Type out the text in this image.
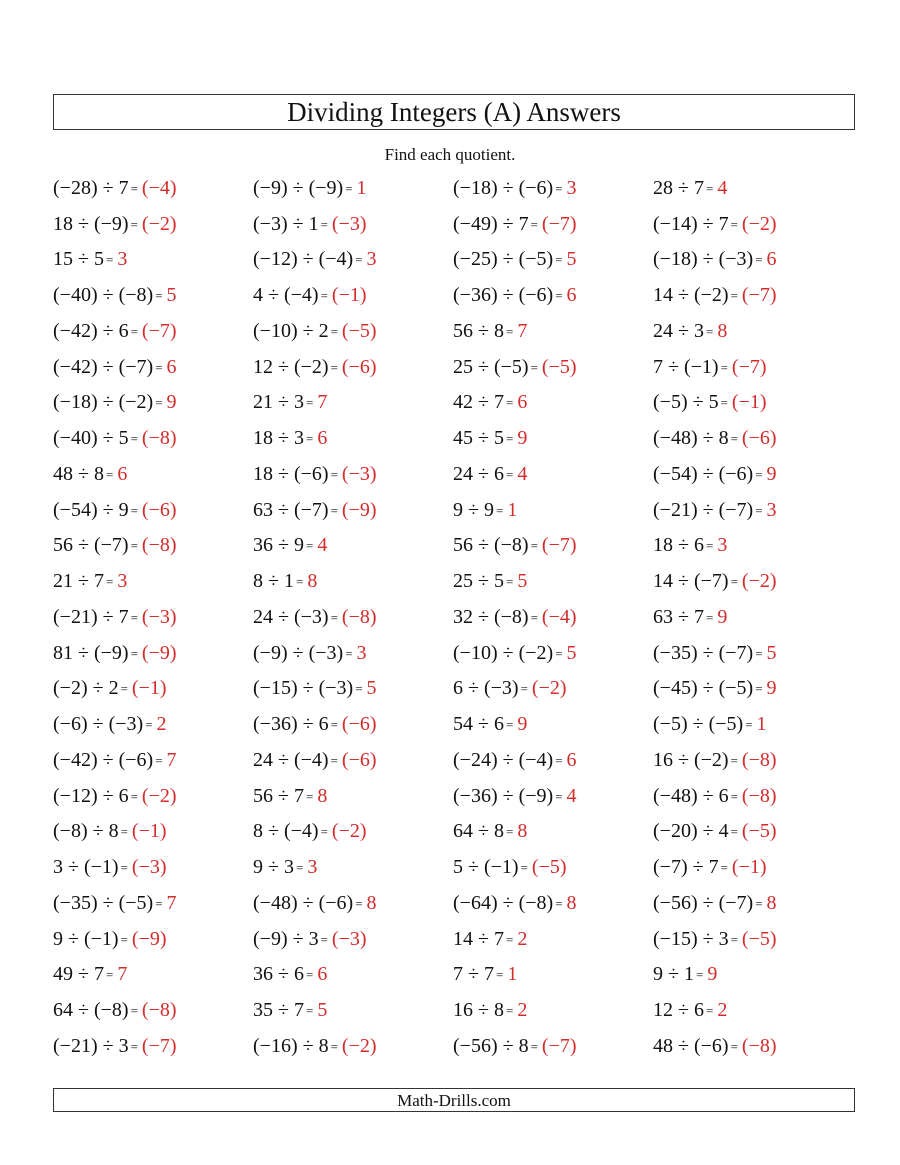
Dividing Integers (A) Answers
Find each quotient.
(−28) ÷ 7 = (−4)	(−9) ÷ (−9) = 1	(−18) ÷ (−6) = 3	28 ÷ 7 = 4
18 ÷ (−9) = (−2)	(−3) ÷ 1 = (−3)	(−49) ÷ 7 = (−7)	(−14) ÷ 7 = (−2)
15 ÷ 5 = 3	(−12) ÷ (−4) = 3	(−25) ÷ (−5) = 5	(−18) ÷ (−3) = 6
(−40) ÷ (−8) = 5	4 ÷ (−4) = (−1)	(−36) ÷ (−6) = 6	14 ÷ (−2) = (−7)
(−42) ÷ 6 = (−7)	(−10) ÷ 2 = (−5)	56 ÷ 8 = 7	24 ÷ 3 = 8
(−42) ÷ (−7) = 6	12 ÷ (−2) = (−6)	25 ÷ (−5) = (−5)	7 ÷ (−1) = (−7)
(−18) ÷ (−2) = 9	21 ÷ 3 = 7	42 ÷ 7 = 6	(−5) ÷ 5 = (−1)
(−40) ÷ 5 = (−8)	18 ÷ 3 = 6	45 ÷ 5 = 9	(−48) ÷ 8 = (−6)
48 ÷ 8 = 6	18 ÷ (−6) = (−3)	24 ÷ 6 = 4	(−54) ÷ (−6) = 9
(−54) ÷ 9 = (−6)	63 ÷ (−7) = (−9)	9 ÷ 9 = 1	(−21) ÷ (−7) = 3
56 ÷ (−7) = (−8)	36 ÷ 9 = 4	56 ÷ (−8) = (−7)	18 ÷ 6 = 3
21 ÷ 7 = 3	8 ÷ 1 = 8	25 ÷ 5 = 5	14 ÷ (−7) = (−2)
(−21) ÷ 7 = (−3)	24 ÷ (−3) = (−8)	32 ÷ (−8) = (−4)	63 ÷ 7 = 9
81 ÷ (−9) = (−9)	(−9) ÷ (−3) = 3	(−10) ÷ (−2) = 5	(−35) ÷ (−7) = 5
(−2) ÷ 2 = (−1)	(−15) ÷ (−3) = 5	6 ÷ (−3) = (−2)	(−45) ÷ (−5) = 9
(−6) ÷ (−3) = 2	(−36) ÷ 6 = (−6)	54 ÷ 6 = 9	(−5) ÷ (−5) = 1
(−42) ÷ (−6) = 7	24 ÷ (−4) = (−6)	(−24) ÷ (−4) = 6	16 ÷ (−2) = (−8)
(−12) ÷ 6 = (−2)	56 ÷ 7 = 8	(−36) ÷ (−9) = 4	(−48) ÷ 6 = (−8)
(−8) ÷ 8 = (−1)	8 ÷ (−4) = (−2)	64 ÷ 8 = 8	(−20) ÷ 4 = (−5)
3 ÷ (−1) = (−3)	9 ÷ 3 = 3	5 ÷ (−1) = (−5)	(−7) ÷ 7 = (−1)
(−35) ÷ (−5) = 7	(−48) ÷ (−6) = 8	(−64) ÷ (−8) = 8	(−56) ÷ (−7) = 8
9 ÷ (−1) = (−9)	(−9) ÷ 3 = (−3)	14 ÷ 7 = 2	(−15) ÷ 3 = (−5)
49 ÷ 7 = 7	36 ÷ 6 = 6	7 ÷ 7 = 1	9 ÷ 1 = 9
64 ÷ (−8) = (−8)	35 ÷ 7 = 5	16 ÷ 8 = 2	12 ÷ 6 = 2
(−21) ÷ 3 = (−7)	(−16) ÷ 8 = (−2)	(−56) ÷ 8 = (−7)	48 ÷ (−6) = (−8)
Math-Drills.com
